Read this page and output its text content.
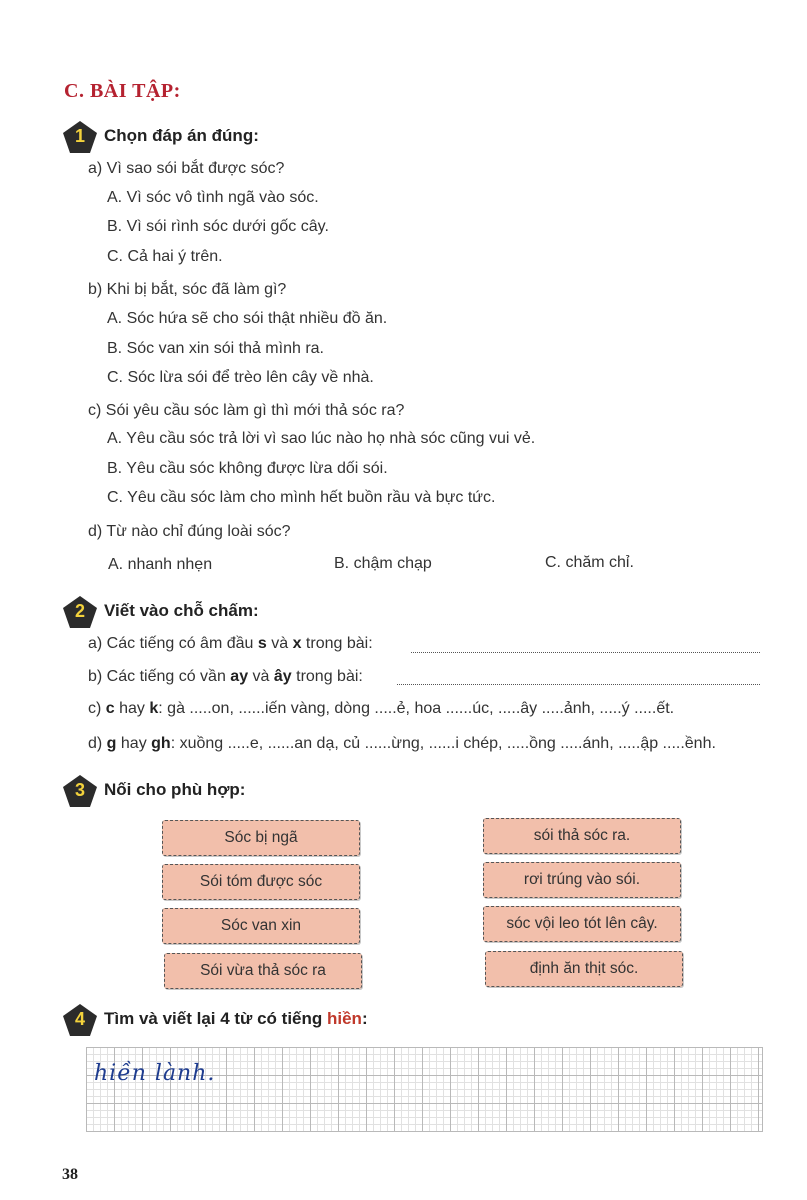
C. BÀI TẬP:
1	Chọn đáp án đúng:
a) Vì sao sói bắt được sóc?
A. Vì sóc vô tình ngã vào sóc.
B. Vì sói rình sóc dưới gốc cây.
C. Cả hai ý trên.
b) Khi bị bắt, sóc đã làm gì?
A. Sóc hứa sẽ cho sói thật nhiều đồ ăn.
B. Sóc van xin sói thả mình ra.
C. Sóc lừa sói để trèo lên cây về nhà.
c) Sói yêu cầu sóc làm gì thì mới thả sóc ra?
A. Yêu cầu sóc trả lời vì sao lúc nào họ nhà sóc cũng vui vẻ.
B. Yêu cầu sóc không được lừa dối sói.
C. Yêu cầu sóc làm cho mình hết buồn rầu và bực tức.
d) Từ nào chỉ đúng loài sóc?
A. nhanh nhẹn	B. chậm chạp	C. chăm chỉ.
2	Viết vào chỗ chấm:
a) Các tiếng có âm đầu s và x trong bài:
b) Các tiếng có vần ay và ây trong bài:
c) c hay k: gà .....on, ......iến vàng, dòng .....ẻ, hoa ......úc, .....ây .....ảnh, .....ý .....ết.
d) g hay gh: xuồng .....e, ......an dạ, củ ......ừng, ......i chép, .....ồng .....ánh, .....ập .....ềnh.
3	Nối cho phù hợp:
Sóc bị ngã
Sói tóm được sóc
Sóc van xin
Sói vừa thả sóc ra
sói thả sóc ra.
rơi trúng vào sói.
sóc vội leo tót lên cây.
định ăn thịt sóc.
4	Tìm và viết lại 4 từ có tiếng hiền:
hiền lành.
38
